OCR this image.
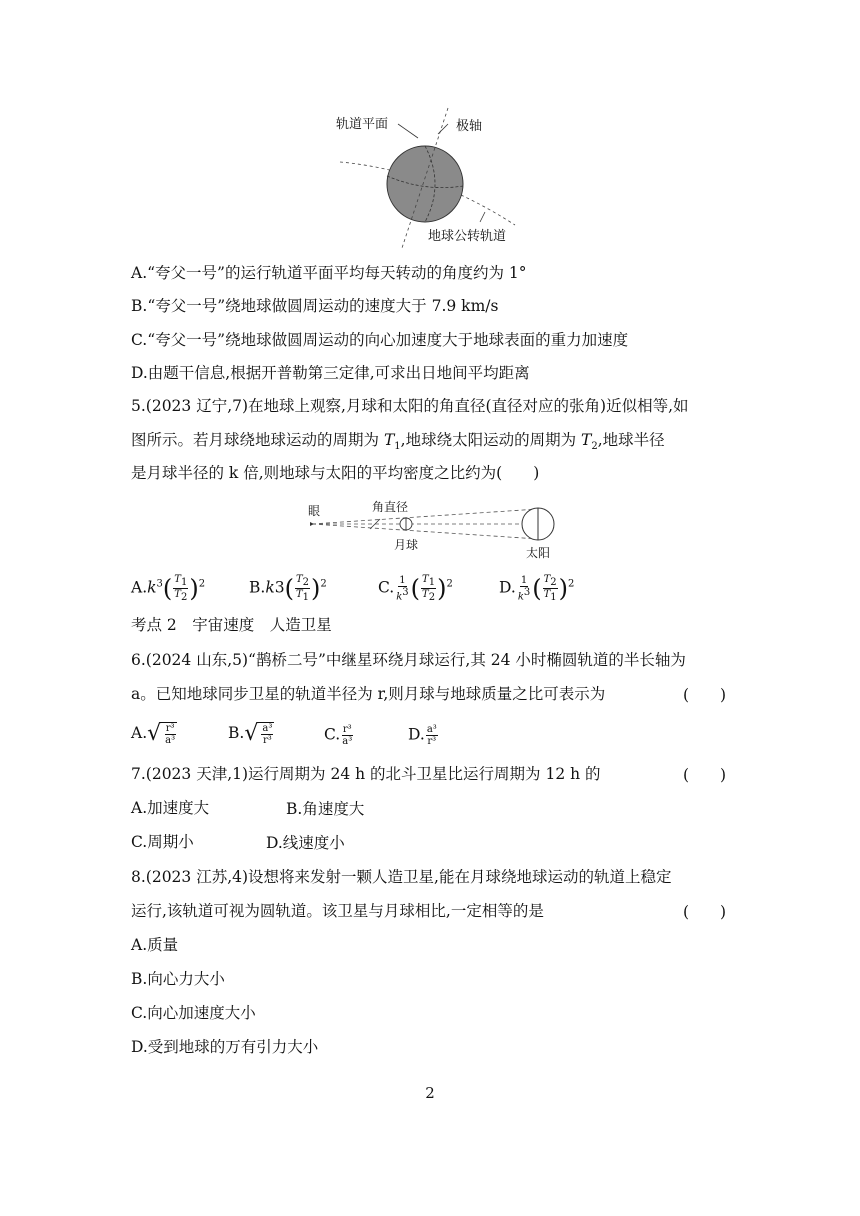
轨道平面	极轴
地球公转轨道
A.“夸父一号”的运行轨道平面平均每天转动的角度约为 1°
B.“夸父一号”绕地球做圆周运动的速度大于 7.9 km/s
C.“夸父一号”绕地球做圆周运动的向心加速度大于地球表面的重力加速度
D.由题干信息,根据开普勒第三定律,可求出日地间平均距离
5.(2023 辽宁,7)在地球上观察,月球和太阳的角直径(直径对应的张角)近似相等,如
图所示。若月球绕地球运动的周期为 $T_1$,地球绕太阳运动的周期为 $T_2$,地球半径
是月球半径的 k 倍,则地球与太阳的平均密度之比约为(　　)
眼	角直径
月球
太阳
$A.k^3( \frac{T1}{T2} )^2$	$B.k3( \frac{T2}{T1} )^2$	C. $\frac{1}{k3}$ ( $\frac{T1}{T2} )^2$	D. $\frac{1}{k3}$ ( $\frac{T2}{T1} )^2$
考点 2　宇宙速度　人造卫星
6.(2024 山东,5)“鹊桥二号”中继星环绕月球运行,其 24 小时椭圆轨道的半长轴为
a。已知地球同步卫星的轨道半径为 r,则月球与地球质量之比可表示为	(　　)
A. √ $\frac{\text{r³}}{\text{a³}}$	B. √ $\frac{\text{a³}}{\text{r³}}$	C. $\frac{\text{r³}}{\text{a³}}$	D. $\frac{\text{a³}}{\text{r³}}$
7.(2023 天津,1)运行周期为 24 h 的北斗卫星比运行周期为 12 h 的	(　　)
A.加速度大	B.角速度大
C.周期小	D.线速度小
8.(2023 江苏,4)设想将来发射一颗人造卫星,能在月球绕地球运动的轨道上稳定
运行,该轨道可视为圆轨道。该卫星与月球相比,一定相等的是	(　　)
A.质量
B.向心力大小
C.向心加速度大小
D.受到地球的万有引力大小
2
